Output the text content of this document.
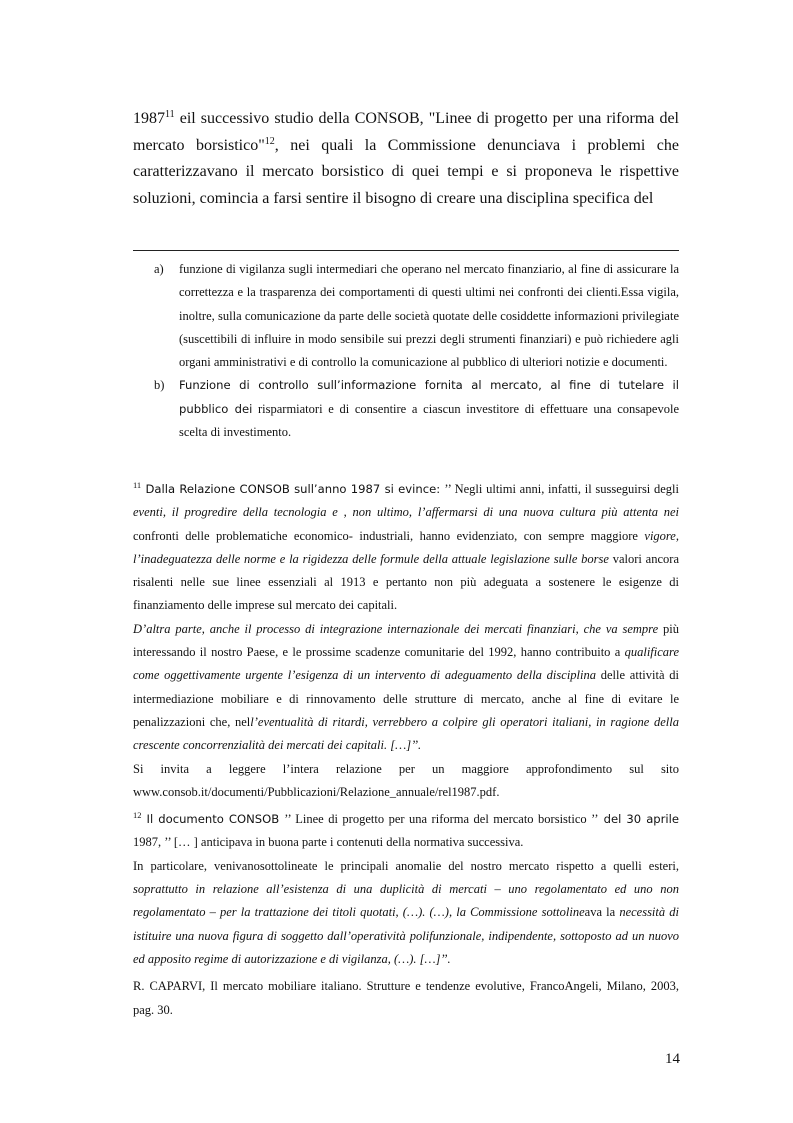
1987$^{11}$ eil successivo studio della CONSOB, "Linee di progetto per una riforma del mercato borsistico"$^{12}$, nei quali la Commissione denunciava i problemi che caratterizzavano il mercato borsistico di quei tempi e si proponeva le rispettive soluzioni, comincia a farsi sentire il bisogno di creare una disciplina specifica del

a) funzione di vigilanza sugli intermediari che operano nel mercato finanziario, al fine di assicurare la correttezza e la trasparenza dei comportamenti di questi ultimi nei confronti dei clienti.Essa vigila, inoltre, sulla comunicazione da parte delle società quotate delle cosiddette informazioni privilegiate (suscettibili di influire in modo sensibile sui prezzi degli strumenti finanziari) e può richiedere agli organi amministrativi e di controllo la comunicazione al pubblico di ulteriori notizie e documenti.
b) Funzione di controllo sull’informazione fornita al mercato, al fine di tutelare il pubblico dei risparmiatori e di consentire a ciascun investitore di effettuare una consapevole scelta di investimento.

$^{11}$ Dalla Relazione CONSOB sull’anno 1987 si evince: ’’ Negli ultimi anni, infatti, il susseguirsi degli eventi, il progredire della tecnologia e , non ultimo, l’affermarsi di una nuova cultura più attenta nei confronti delle problematiche economico- industriali, hanno evidenziato, con sempre maggiore vigore, l’inadeguatezza delle norme e la rigidezza delle formule della attuale legislazione sulle borse valori ancora risalenti nelle sue linee essenziali al 1913 e pertanto non più adeguata a sostenere le esigenze di finanziamento delle imprese sul mercato dei capitali.

D’altra parte, anche il processo di integrazione internazionale dei mercati finanziari, che va sempre più interessando il nostro Paese, e le prossime scadenze comunitarie del 1992, hanno contribuito a qualificare come oggettivamente urgente l’esigenza di un intervento di adeguamento della disciplina delle attività di intermediazione mobiliare e di rinnovamento delle strutture di mercato, anche al fine di evitare le penalizzazioni che, nell’eventualità di ritardi, verrebbero a colpire gli operatori italiani, in ragione della crescente concorrenzialità dei mercati dei capitali. […]’’.

Si invita a leggere l’intera relazione per un maggiore approfondimento sul sito www.consob.it/documenti/Pubblicazioni/Relazione_annuale/rel1987.pdf.

$^{12}$ Il documento CONSOB ’’ Linee di progetto per una riforma del mercato borsistico ’’ del 30 aprile 1987, ’’ [… ] anticipava in buona parte i contenuti della normativa successiva.

In particolare, venivanosottolineate le principali anomalie del nostro mercato rispetto a quelli esteri, soprattutto in relazione all’esistenza di una duplicità di mercati – uno regolamentato ed uno non regolamentato – per la trattazione dei titoli quotati, (…). (…), la Commissione sottolineava la necessità di istituire una nuova figura di soggetto dall’operatività polifunzionale, indipendente, sottoposto ad un nuovo ed apposito regime di autorizzazione e di vigilanza, (…). […]’’.

R. CAPARVI, Il mercato mobiliare italiano. Strutture e tendenze evolutive, FrancoAngeli, Milano, 2003, pag. 30.

14
